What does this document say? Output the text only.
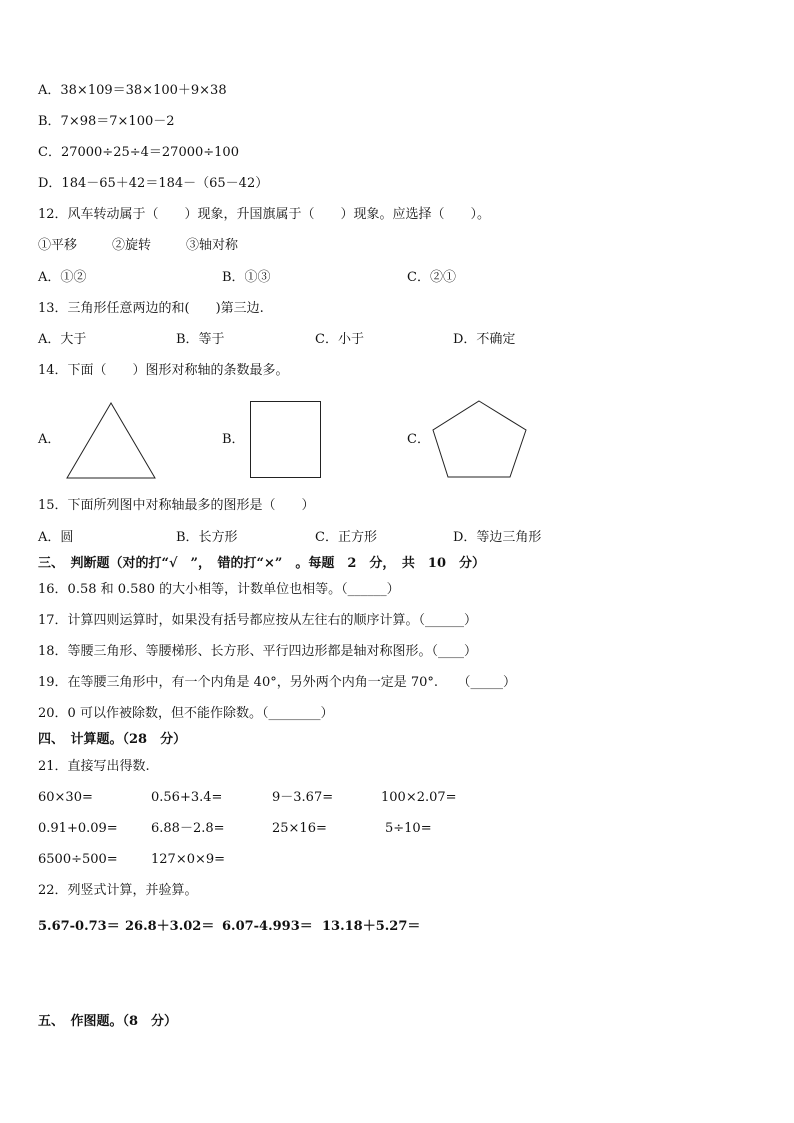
A．38×109＝38×100＋9×38
B．7×98＝7×100－2
C．27000÷25÷4＝27000÷100
D．184－65＋42＝184－（65－42）
12．风车转动属于（　　）现象，升国旗属于（　　）现象。应选择（　　）。
①平移	②旋转	③轴对称
A．①②	B．①③	C．②①
13．三角形任意两边的和(　　)第三边.
A．大于	B．等于	C．小于	D．不确定
14．下面（　　）图形对称轴的条数最多。
A．	B．	C．
15．下面所列图中对称轴最多的图形是（　　）
A．圆	B．长方形	C．正方形	D．等边三角形
三、　判断题（对的打“√　”，　错的打“×”　。每题　2　分，　共　10　分）
16．0.58 和 0.580 的大小相等，计数单位也相等。（______）
17．计算四则运算时，如果没有括号都应按从左往右的顺序计算。（______）
18．等腰三角形、等腰梯形、长方形、平行四边形都是轴对称图形。（____）
19．在等腰三角形中，有一个内角是 40°，另外两个内角一定是 70°.　　（_____）
20．0 可以作被除数，但不能作除数。（________）
四、　计算题。（28　分）
21．直接写出得数.
60×30=	0.56+3.4=	9－3.67=	100×2.07=
0.91+0.09=	6.88－2.8=	25×16=	5÷10=
6500÷500=	127×0×9=
22．列竖式计算，并验算。
5.67-0.73＝ 26.8＋3.02＝ 6.07-4.993＝ 13.18＋5.27＝
五、　作图题。（8　分）
